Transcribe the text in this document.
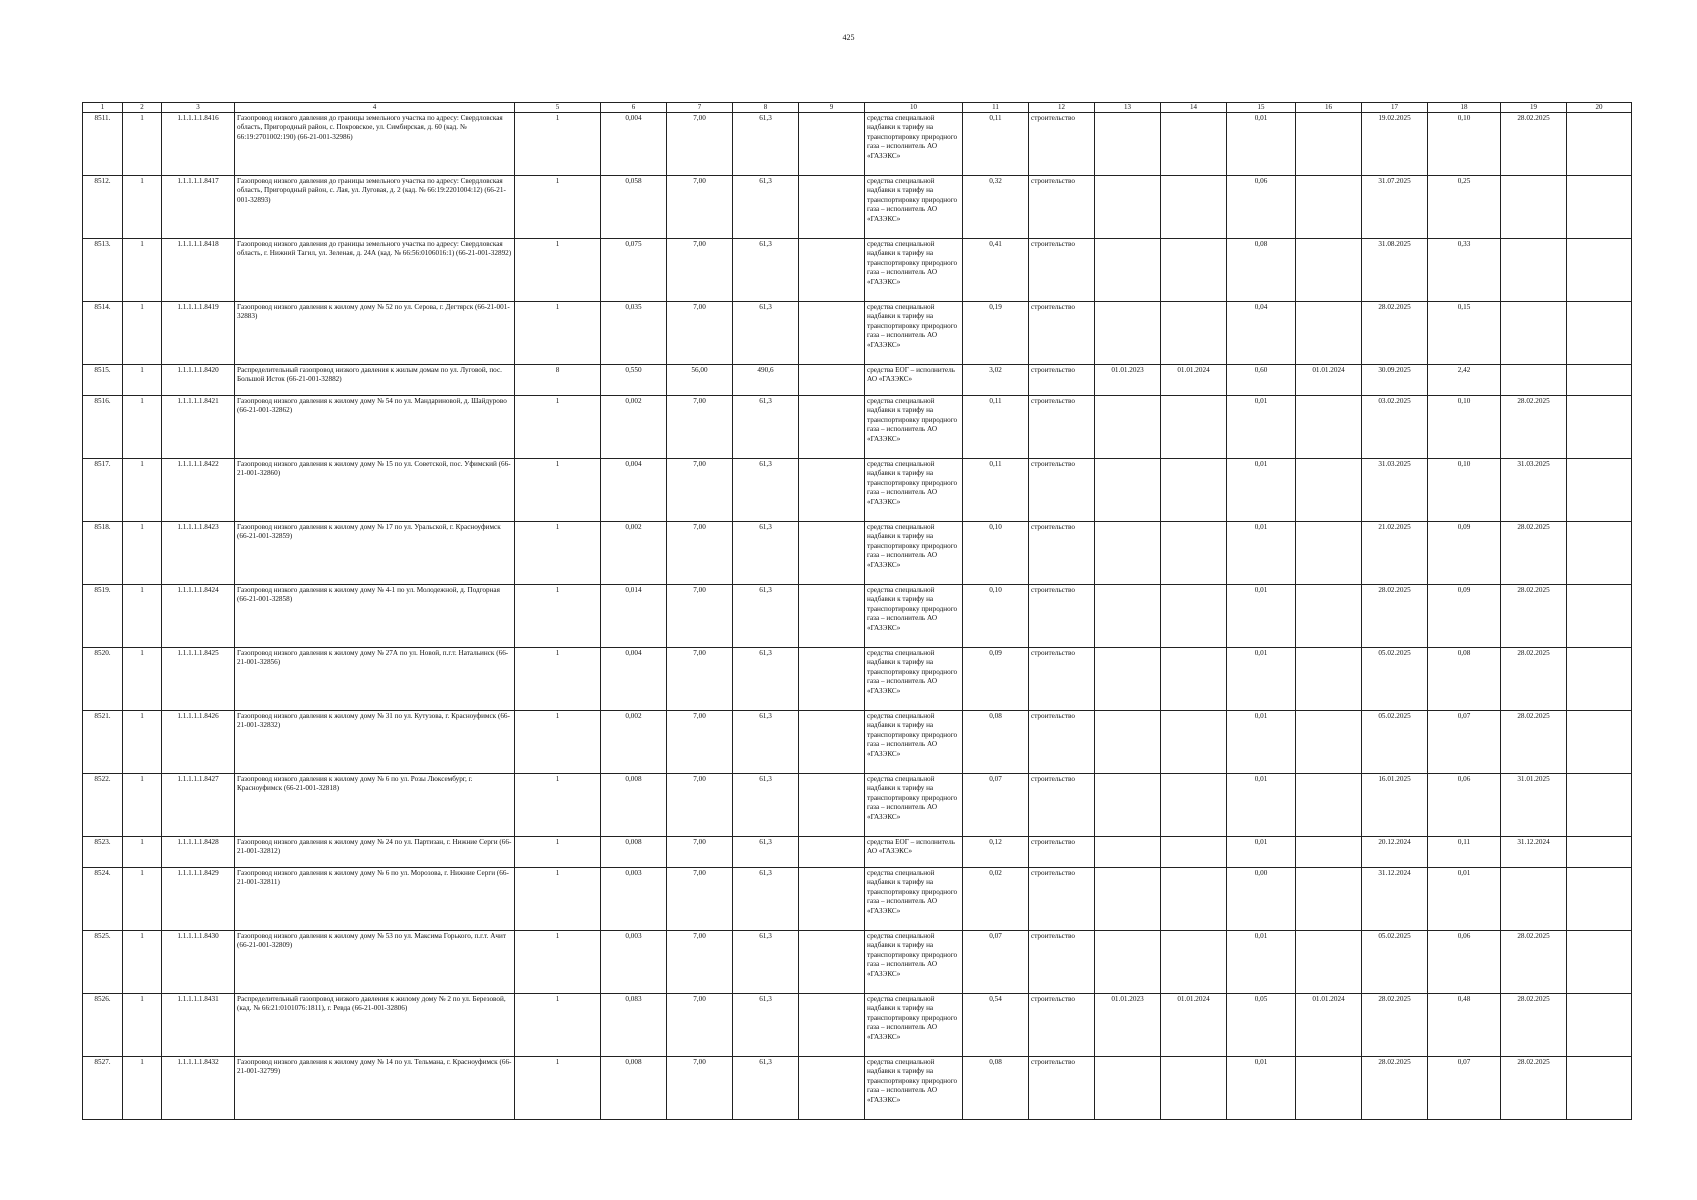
425
1	2	3	4	5	6	7	8	9	10	11	12	13	14	15	16	17	18	19	20
8511.	1	1.1.1.1.1.8416	Газопровод низкого давления до границы земельного участка по адресу: Свердловская область, Пригородный район, с. Покровское, ул. Симбирская, д. 60 (кад. № 66:19:2701002:190) (66-21-001-32986)	1	0,004	7,00	61,3		средства специальной надбавки к тарифу на транспортировку природного газа – исполнитель АО «ГАЗЭКС»	0,11	строительство			0,01		19.02.2025	0,10	28.02.2025	
8512.	1	1.1.1.1.1.8417	Газопровод низкого давления до границы земельного участка по адресу: Свердловская область, Пригородный район, с. Лая, ул. Луговая, д. 2 (кад. № 66:19:2201004:12) (66-21-001-32893)	1	0,058	7,00	61,3		средства специальной надбавки к тарифу на транспортировку природного газа – исполнитель АО «ГАЗЭКС»	0,32	строительство			0,06		31.07.2025	0,25		
8513.	1	1.1.1.1.1.8418	Газопровод низкого давления до границы земельного участка по адресу: Свердловская область, г. Нижний Тагил, ул. Зеленая, д. 24А (кад. № 66:56:0106016:1) (66-21-001-32892)	1	0,075	7,00	61,3		средства специальной надбавки к тарифу на транспортировку природного газа – исполнитель АО «ГАЗЭКС»	0,41	строительство			0,08		31.08.2025	0,33		
8514.	1	1.1.1.1.1.8419	Газопровод низкого давления к жилому дому № 52 по ул. Серова, г. Дегтярск (66-21-001-32883)	1	0,035	7,00	61,3		средства специальной надбавки к тарифу на транспортировку природного газа – исполнитель АО «ГАЗЭКС»	0,19	строительство			0,04		28.02.2025	0,15		
8515.	1	1.1.1.1.1.8420	Распределительный газопровод низкого давления к жилым домам по ул. Луговой, пос. Большой Исток (66-21-001-32882)	8	0,550	56,00	490,6		средства ЕОГ – исполнитель АО «ГАЗЭКС»	3,02	строительство	01.01.2023	01.01.2024	0,60	01.01.2024	30.09.2025	2,42		
8516.	1	1.1.1.1.1.8421	Газопровод низкого давления к жилому дому № 54 по ул. Мандариновой, д. Шайдурово (66-21-001-32862)	1	0,002	7,00	61,3		средства специальной надбавки к тарифу на транспортировку природного газа – исполнитель АО «ГАЗЭКС»	0,11	строительство			0,01		03.02.2025	0,10	28.02.2025	
8517.	1	1.1.1.1.1.8422	Газопровод низкого давления к жилому дому № 15 по ул. Советской, пос. Уфимский (66-21-001-32860)	1	0,004	7,00	61,3		средства специальной надбавки к тарифу на транспортировку природного газа – исполнитель АО «ГАЗЭКС»	0,11	строительство			0,01		31.03.2025	0,10	31.03.2025	
8518.	1	1.1.1.1.1.8423	Газопровод низкого давления к жилому дому № 17 по ул. Уральской, г. Красноуфимск (66-21-001-32859)	1	0,002	7,00	61,3		средства специальной надбавки к тарифу на транспортировку природного газа – исполнитель АО «ГАЗЭКС»	0,10	строительство			0,01		21.02.2025	0,09	28.02.2025	
8519.	1	1.1.1.1.1.8424	Газопровод низкого давления к жилому дому № 4-1 по ул. Молодежной, д. Подгорная (66-21-001-32858)	1	0,014	7,00	61,3		средства специальной надбавки к тарифу на транспортировку природного газа – исполнитель АО «ГАЗЭКС»	0,10	строительство			0,01		28.02.2025	0,09	28.02.2025	
8520.	1	1.1.1.1.1.8425	Газопровод низкого давления к жилому дому № 27А по ул. Новой, п.г.т. Натальинск (66-21-001-32856)	1	0,004	7,00	61,3		средства специальной надбавки к тарифу на транспортировку природного газа – исполнитель АО «ГАЗЭКС»	0,09	строительство			0,01		05.02.2025	0,08	28.02.2025	
8521.	1	1.1.1.1.1.8426	Газопровод низкого давления к жилому дому № 31 по ул. Кутузова, г. Красноуфимск (66-21-001-32832)	1	0,002	7,00	61,3		средства специальной надбавки к тарифу на транспортировку природного газа – исполнитель АО «ГАЗЭКС»	0,08	строительство			0,01		05.02.2025	0,07	28.02.2025	
8522.	1	1.1.1.1.1.8427	Газопровод низкого давления к жилому дому № 6 по ул. Розы Люксембург, г. Красноуфимск (66-21-001-32818)	1	0,008	7,00	61,3		средства специальной надбавки к тарифу на транспортировку природного газа – исполнитель АО «ГАЗЭКС»	0,07	строительство			0,01		16.01.2025	0,06	31.01.2025	
8523.	1	1.1.1.1.1.8428	Газопровод низкого давления к жилому дому № 24 по ул. Партизан, г. Нижние Серги (66-21-001-32812)	1	0,008	7,00	61,3		средства ЕОГ – исполнитель АО «ГАЗЭКС»	0,12	строительство			0,01		20.12.2024	0,11	31.12.2024	
8524.	1	1.1.1.1.1.8429	Газопровод низкого давления к жилому дому № 6 по ул. Морозова, г. Нижние Серги (66-21-001-32811)	1	0,003	7,00	61,3		средства специальной надбавки к тарифу на транспортировку природного газа – исполнитель АО «ГАЗЭКС»	0,02	строительство			0,00		31.12.2024	0,01		
8525.	1	1.1.1.1.1.8430	Газопровод низкого давления к жилому дому № 53 по ул. Максима Горького, п.г.т. Ачит (66-21-001-32809)	1	0,003	7,00	61,3		средства специальной надбавки к тарифу на транспортировку природного газа – исполнитель АО «ГАЗЭКС»	0,07	строительство			0,01		05.02.2025	0,06	28.02.2025	
8526.	1	1.1.1.1.1.8431	Распределительный газопровод низкого давления к жилому дому № 2 по ул. Березовой, (кад. № 66:21:0101076:1811), г. Ревда (66-21-001-32806)	1	0,083	7,00	61,3		средства специальной надбавки к тарифу на транспортировку природного газа – исполнитель АО «ГАЗЭКС»	0,54	строительство	01.01.2023	01.01.2024	0,05	01.01.2024	28.02.2025	0,48	28.02.2025	
8527.	1	1.1.1.1.1.8432	Газопровод низкого давления к жилому дому № 14 по ул. Тельмана, г. Красноуфимск (66-21-001-32799)	1	0,008	7,00	61,3		средства специальной надбавки к тарифу на транспортировку природного газа – исполнитель АО «ГАЗЭКС»	0,08	строительство			0,01		28.02.2025	0,07	28.02.2025	
